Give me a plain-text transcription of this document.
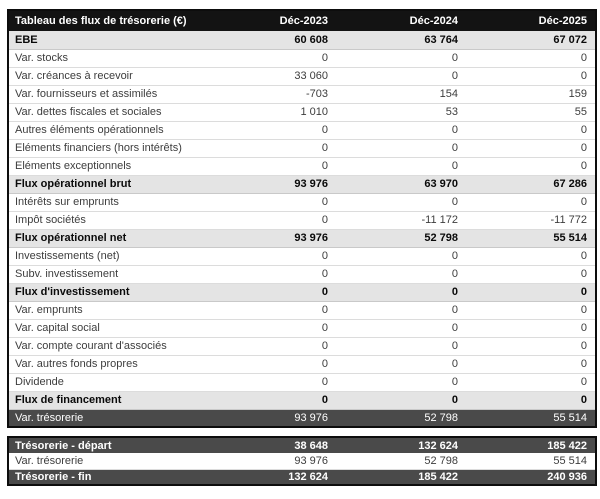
Tableau des flux de trésorerie (€)	Déc-2023	Déc-2024	Déc-2025
EBE	60 608	63 764	67 072
Var. stocks	0	0	0
Var. créances à recevoir	33 060	0	0
Var. fournisseurs et assimilés	-703	154	159
Var. dettes fiscales et sociales	1 010	53	55
Autres éléments opérationnels	0	0	0
Eléments financiers (hors intérêts)	0	0	0
Eléments exceptionnels	0	0	0
Flux opérationnel brut	93 976	63 970	67 286
Intérêts sur emprunts	0	0	0
Impôt sociétés	0	-11 172	-11 772
Flux opérationnel net	93 976	52 798	55 514
Investissements (net)	0	0	0
Subv. investissement	0	0	0
Flux d'investissement	0	0	0
Var. emprunts	0	0	0
Var. capital social	0	0	0
Var. compte courant d'associés	0	0	0
Var. autres fonds propres	0	0	0
Dividende	0	0	0
Flux de financement	0	0	0
Var. trésorerie	93 976	52 798	55 514
Trésorerie - départ	38 648	132 624	185 422
Var. trésorerie	93 976	52 798	55 514
Trésorerie - fin	132 624	185 422	240 936
